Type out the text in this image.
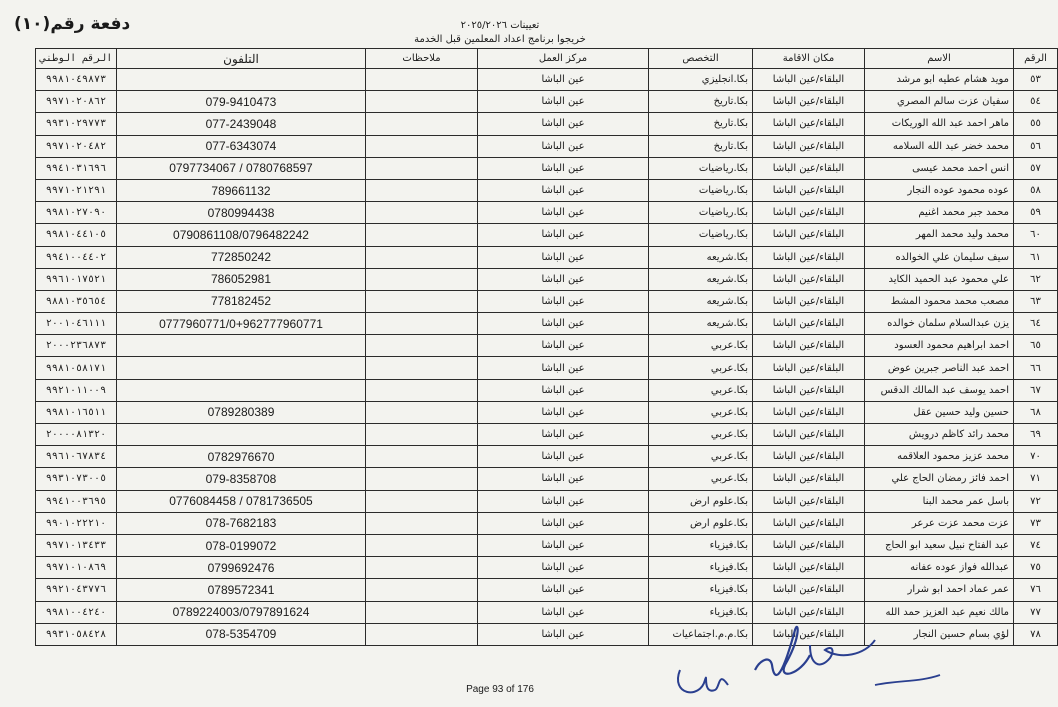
دفعة رقم(١٠)	تعيينات ٢٠٢٥/٢٠٢٦
خريجوا برنامج اعداد المعلمين قبل الخدمة
الرقم الوطني	التلفون	ملاحظات	مركز العمل	التخصص	مكان الاقامة	الاسم	الرقم
٩٩٨١٠٤٩٨٧٣			عين الباشا	بكا.انجليزي	البلقاء/عين الباشا	مويد هشام عطيه ابو مرشد	٥٣
٩٩٧١٠٢٠٨٦٢	079-9410473		عين الباشا	بكا.تاريخ	البلقاء/عين الباشا	سفيان عزت سالم المصري	٥٤
٩٩٣١٠٢٩٧٧٣	077-2439048		عين الباشا	بكا.تاريخ	البلقاء/عين الباشا	ماهر احمد عبد الله الوريكات	٥٥
٩٩٧١٠٢٠٤٨٢	077-6343074		عين الباشا	بكا.تاريخ	البلقاء/عين الباشا	محمد خضر عبد الله السلامه	٥٦
٩٩٤١٠٣١٦٩٦	0797734067 / 0780768597		عين الباشا	بكا.رياضيات	البلقاء/عين الباشا	انس احمد محمد عيسى	٥٧
٩٩٧١٠٢١٢٩١	789661132		عين الباشا	بكا.رياضيات	البلقاء/عين الباشا	عوده محمود عوده النجار	٥٨
٩٩٨١٠٢٧٠٩٠	0780994438		عين الباشا	بكا.رياضيات	البلقاء/عين الباشا	محمد جبر محمد اغنيم	٥٩
٩٩٨١٠٤٤١٠٥	0790861108/0796482242		عين الباشا	بكا.رياضيات	البلقاء/عين الباشا	محمد وليد محمد المهر	٦٠
٩٩٤١٠٠٤٤٠٢	772850242		عين الباشا	بكا.شريعه	البلقاء/عين الباشا	سيف سليمان علي الخوالده	٦١
٩٩٦١٠١٧٥٢١	786052981		عين الباشا	بكا.شريعه	البلقاء/عين الباشا	علي محمود عبد الحميد الكايد	٦٢
٩٨٨١٠٣٥٦٥٤	778182452		عين الباشا	بكا.شريعه	البلقاء/عين الباشا	مصعب محمد محمود المشط	٦٣
٢٠٠١٠٤٦١١١	0777960771/0+962777960771		عين الباشا	بكا.شريعه	البلقاء/عين الباشا	يزن عبدالسلام سلمان خوالده	٦٤
٢٠٠٠٢٣٦٨٧٣			عين الباشا	بكا.عربي	البلقاء/عين الباشا	احمد ابراهيم محمود العسود	٦٥
٩٩٨١٠٥٨١٧١			عين الباشا	بكا.عربي	البلقاء/عين الباشا	احمد عبد الناصر جبرين عوض	٦٦
٩٩٢١٠١١٠٠٩			عين الباشا	بكا.عربي	البلقاء/عين الباشا	احمد يوسف عبد المالك الدقس	٦٧
٩٩٨١٠١٦٥١١	0789280389		عين الباشا	بكا.عربي	البلقاء/عين الباشا	حسين وليد حسين عقل	٦٨
٢٠٠٠٠٨١٣٢٠			عين الباشا	بكا.عربي	البلقاء/عين الباشا	محمد رائد كاظم درويش	٦٩
٩٩٦١٠٦٧٨٣٤	0782976670		عين الباشا	بكا.عربي	البلقاء/عين الباشا	محمد عزيز محمود العلاقمه	٧٠
٩٩٣١٠٧٣٠٠٥	079-8358708		عين الباشا	بكا.عربي	البلقاء/عين الباشا	احمد فائز رمضان الحاج علي	٧١
٩٩٤١٠٠٣٦٩٥	0776084458 / 0781736505		عين الباشا	بكا.علوم ارض	البلقاء/عين الباشا	باسل عمر محمد البنا	٧٢
٩٩٠١٠٢٢٢١٠	078-7682183		عين الباشا	بكا.علوم ارض	البلقاء/عين الباشا	عزت محمد عزت عرعر	٧٣
٩٩٧١٠١٣٤٣٣	078-0199072		عين الباشا	بكا.فيزياء	البلقاء/عين الباشا	عبد الفتاح نبيل سعيد ابو الحاج	٧٤
٩٩٧١٠١٠٨٦٩	0799692476		عين الباشا	بكا.فيزياء	البلقاء/عين الباشا	عبدالله فواز عوده عفانه	٧٥
٩٩٢١٠٤٣٧٧٦	0789572341		عين الباشا	بكا.فيزياء	البلقاء/عين الباشا	عمر عماد احمد ابو شرار	٧٦
٩٩٨١٠٠٤٢٤٠	0789224003/0797891624		عين الباشا	بكا.فيزياء	البلقاء/عين الباشا	مالك نعيم عبد العزيز حمد الله	٧٧
٩٩٣١٠٥٨٤٢٨	078-5354709		عين الباشا	بكا.م.م.اجتماعيات	البلقاء/عين الباشا	لؤي بسام حسين النجار	٧٨
Page 93 of 176
